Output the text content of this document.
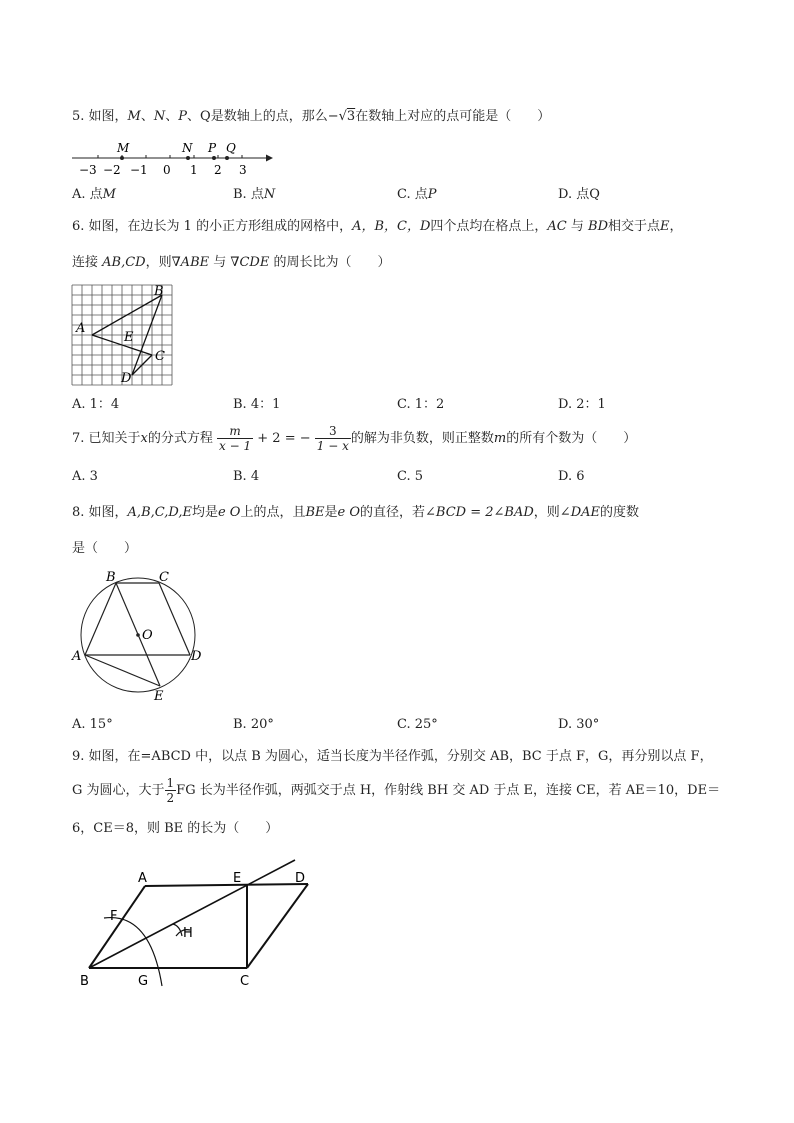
5. 如图，M、N、P、Q是数轴上的点，那么−√3在数轴上对应的点可能是（　　）
M	N P Q
−3 −2 −1 0 1 2 3
A. 点M	B. 点N	C. 点P	D. 点Q
6. 如图，在边长为 1 的小正方形组成的网格中，A，B，C，D四个点均在格点上，AC 与 BD相交于点E，
连接 AB,CD，则∇ABE 与 ∇CDE 的周长比为（　　）
A
B
C
D
E
A. 1：4	B. 4：1	C. 1：2	D. 2：1
7. 已知关于x的分式方程 $\frac{m}{x - 1} + 2$ = − $\frac{3}{1 - x}$ 的解为非负数，则正整数m的所有个数为（　　）
A. 3	B. 4	C. 5	D. 6
8. 如图，A,B,C,D,E均是e O上的点，且BE是e O的直径，若∠BCD = 2∠BAD，则∠DAE的度数
是（　　）
B	C
A	D
E
O
A. 15°	B. 20°	C. 25°	D. 30°
9. 如图，在=ABCD 中，以点 B 为圆心，适当长度为半径作弧，分别交 AB，BC 于点 F，G，再分别以点 F，
G 为圆心，大于 $\frac{1}{2}$ FG 长为半径作弧，两弧交于点 H，作射线 BH 交 AD 于点 E，连接 CE，若 AE＝10，DE＝
6，CE＝8，则 BE 的长为（　　）
A	E	D
F
H
B	G	C
